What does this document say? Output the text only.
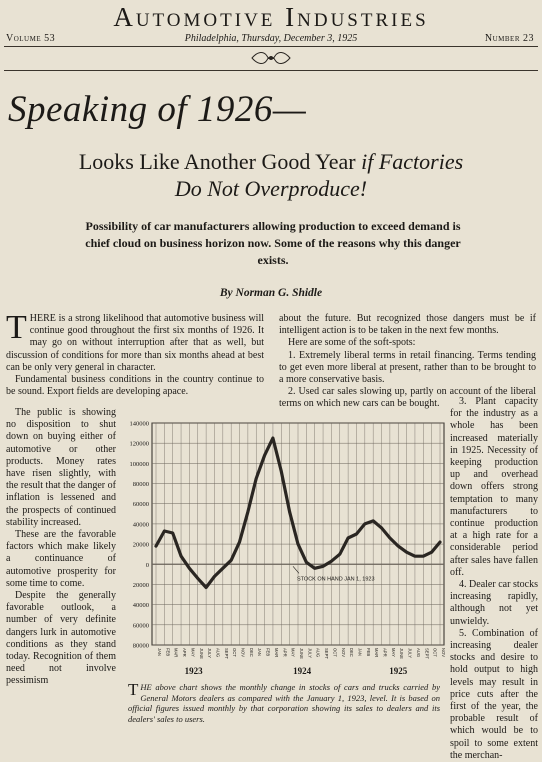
Automotive Industries
Volume 53	Philadelphia, Thursday, December 3, 1925	Number 23
Speaking of 1926—
Looks Like Another Good Year if Factories
Do Not Overproduce!
Possibility of car manufacturers allowing production to exceed demand is chief cloud on business horizon now. Some of the reasons why this danger exists.
By Norman G. Shidle

THERE is a strong likelihood that automotive business will continue good throughout the first six months of 1926. It may go on without interruption after that as well, but discussion of conditions for more than six months ahead at best can be only very general in character.

Fundamental business conditions in the country continue to be sound. Export fields are developing apace.

The public is showing no disposition to shut down on buying either of automotive or other products. Money rates have risen slightly, with the result that the danger of inflation is lessened and the prospects of continued stability increased.

These are the favorable factors which make likely a continuance of automotive prosperity for some time to come.

Despite the generally favorable outlook, a number of very definite dangers lurk in automotive conditions as they stand today. Recognition of them need not involve pessimism

about the future. But recognized those dangers must be if intelligent action is to be taken in the next few months.

Here are some of the soft-spots:

1. Extremely liberal terms in retail financing. Terms tending to get even more liberal at present, rather than to be brought to a more conservative basis.

2. Used car sales slowing up, partly on account of the liberal terms on which new cars can be bought.	3. Plant capacity for the industry as a whole has been increased materially in 1925. Necessity of keeping production up and overhead down offers strong temptation to many manufacturers to continue production at a high rate for a considerable period after sales have fallen off.

4. Dealer car stocks increasing rapidly, although not yet unwieldy.

5. Combination of increasing dealer stocks and desire to hold output to high levels may result in price cuts after the first of the year, the probable result of which would be to spoil to some extent the merchan-

140000
120000
100000
80000
60000
40000
20000
0
20000
40000
60000
80000
JAN FEB MAR APR MAY JUNE JULY AUG SEPT OCT NOV DEC JAN FEB MAR APR MAY JUNE JULY AUG SEPT OCT NOV DEC JAN FEB MAR APR MAY JUNE JULY AUG SEPT OCT NOV
1923	1924	1925
STOCK ON HAND JAN 1, 1923
THE above chart shows the monthly change in stocks of cars and trucks carried by General Motors dealers as compared with the January 1, 1923, level. It is based on official figures issued monthly by that corporation showing its sales to dealers and its dealers' sales to users.
